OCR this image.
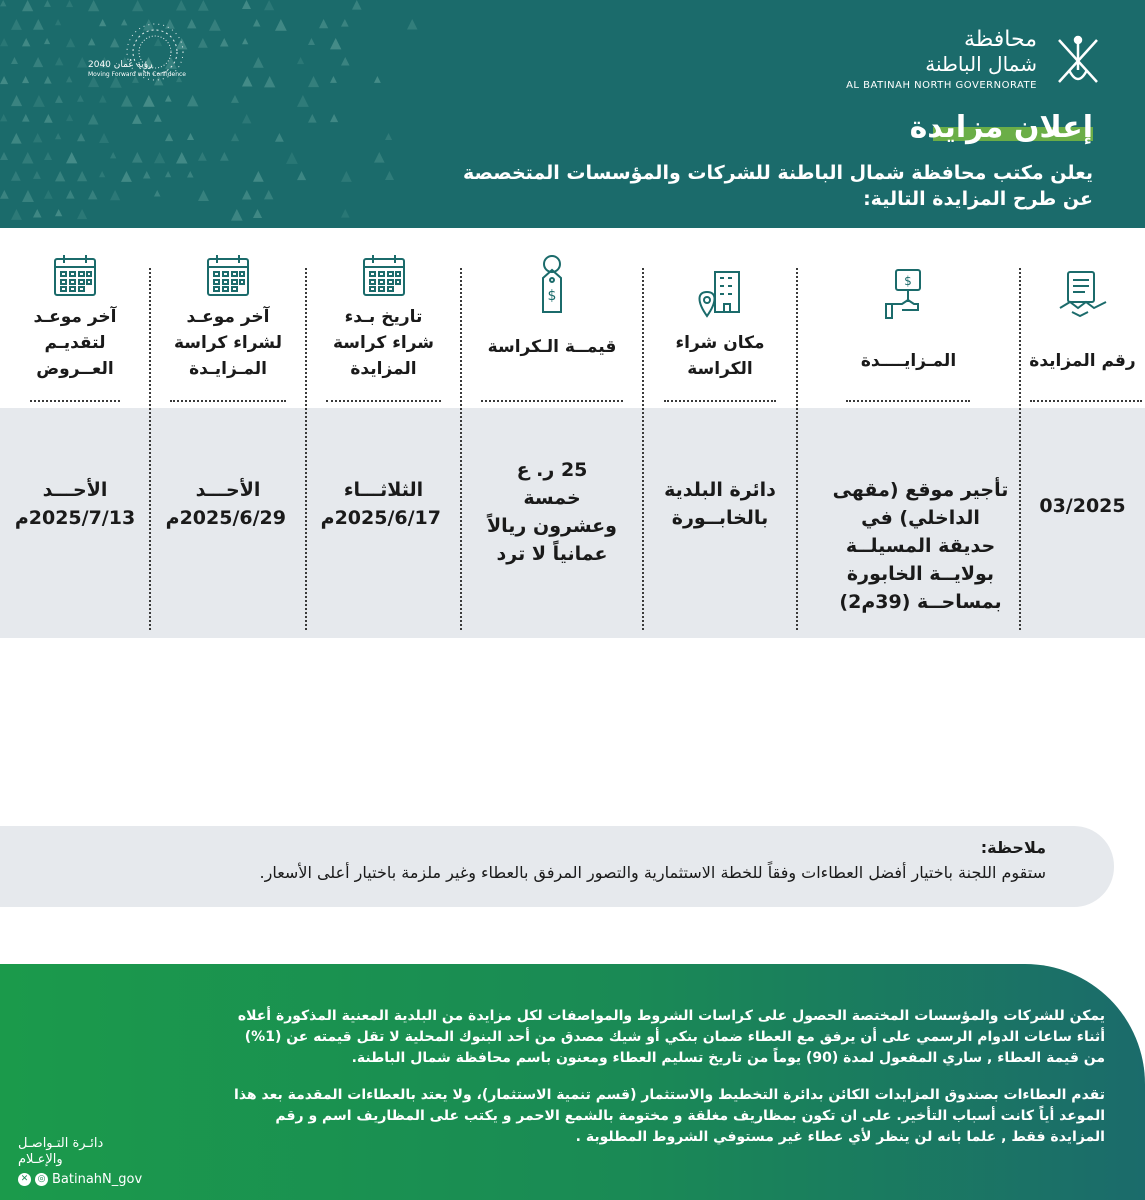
رؤية عُمان 2040
Moving Forward with Confidence
محافظة
شمال الباطنة
AL BATINAH NORTH GOVERNORATE
إعلان مزايدة
يعلن مكتب محافظة شمال الباطنة للشركات والمؤسسات المتخصصة
عن طرح المزايدة التالية:
رقم المزايدة
03/2025
$
المـزايــــدة
تأجير موقع (مقهى الداخلي) في حديقة المسيلــة بولايــة الخابورة بمساحــة (39م2)
مكان شراء الكراسة
دائرة البلدية بالخابــورة
$
قيمــة الـكراسة
25 ر. ع خمسة وعشرون ريالاً عمانياً لا ترد
تاريخ بـدء شراء كراسة المزايدة
الثلاثـــاء 2025/6/17م
آخر موعـد لشراء كراسة المـزايـدة
الأحـــد 2025/6/29م
آخر موعـد لتقديـم العــروض
الأحـــد 2025/7/13م
ملاحظة:
ستقوم اللجنة باختيار أفضل العطاءات وفقاً للخطة الاستثمارية والتصور المرفق بالعطاء وغير ملزمة باختيار أعلى الأسعار.

يمكن للشركات والمؤسسات المختصة الحصول على كراسات الشروط والمواصفات لكل مزايدة من البلدية المعنية المذكورة أعلاه أثناء ساعات الدوام الرسمي على أن يرفق مع العطاء ضمان بنكي أو شيك مصدق من أحد البنوك المحلية لا تقل قيمته عن (1%) من قيمة العطاء , ساري المفعول لمدة (90) يوماً من تاريخ تسليم العطاء ومعنون باسم محافظة شمال الباطنة.

تقدم العطاءات بصندوق المزايدات الكائن بدائرة التخطيط والاستثمار (قسم تنمية الاستثمار)، ولا يعتد بالعطاءات المقدمة بعد هذا الموعد أياً كانت أسباب التأخير. على ان تكون بمظاريف مغلقة و مختومة بالشمع الاحمر و يكتب على المظاريف اسم و رقم المزايدة فقط , علما بانه لن ينظر لأي عطاء غير مستوفي الشروط المطلوبة .

دائـرة التـواصـل والإعـلام
✕	◎ BatinahN_gov
